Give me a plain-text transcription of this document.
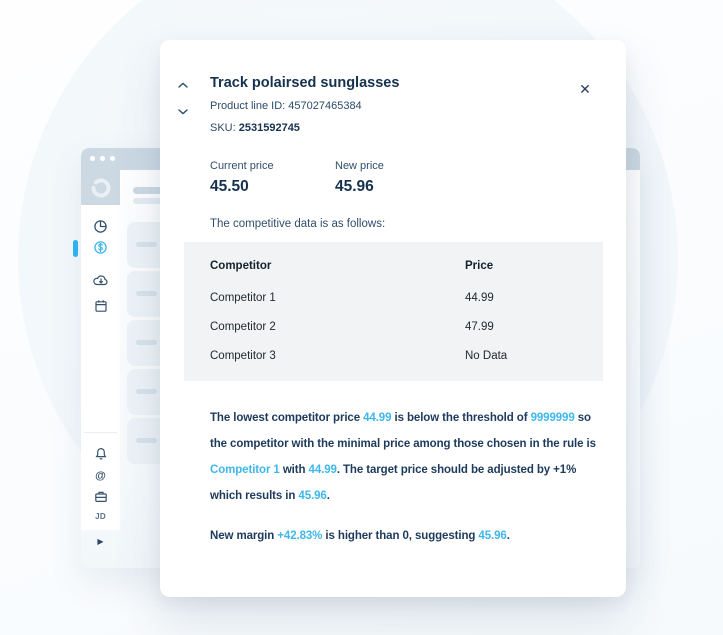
@
JD
▶
✕
Track polairsed sunglasses
Product line ID: 457027465384
SKU: 2531592745
Current price
45.50
New price
45.96
The competitive data is as follows:
Competitor	Price
Competitor 1	44.99
Competitor 2	47.99
Competitor 3	No Data
The lowest competitor price 44.99 is below the threshold of 9999999 so the competitor with the minimal price among those chosen in the rule is Competitor 1 with 44.99. The target price should be adjusted by +1% which results in 45.96.
New margin +42.83% is higher than 0, suggesting 45.96.
